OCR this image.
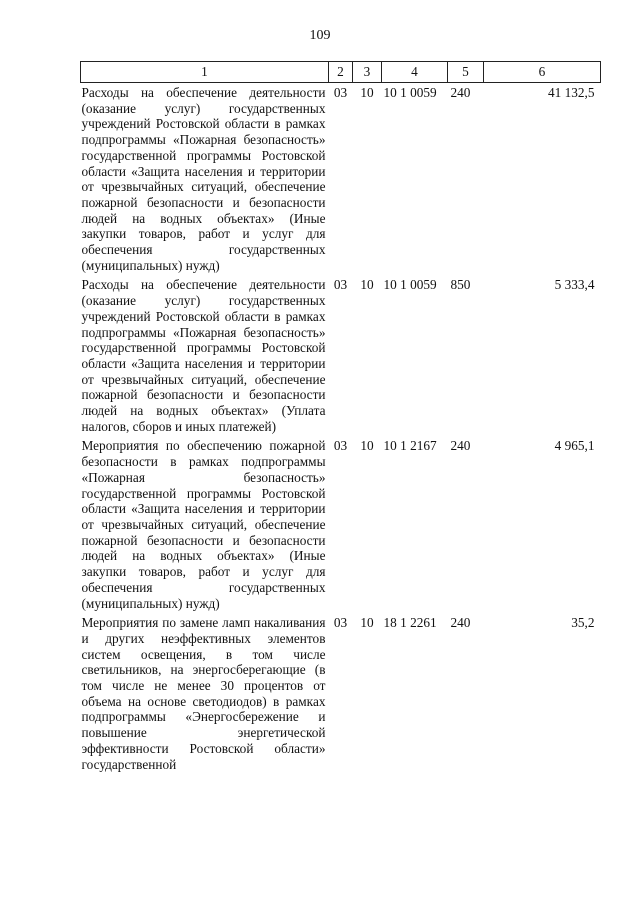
109
1	2	3	4	5	6
Расходы на обеспечение деятельности (оказание услуг) государственных учреждений Ростовской области в рамках подпрограммы «Пожарная безопасность» государственной программы Ростовской области «Защита населения и территории от чрезвычайных ситуаций, обеспечение пожарной безопасности и безопасности людей на водных объектах» (Иные закупки товаров, работ и услуг для обеспечения государственных (муниципальных) нужд)	03	10	10 1 0059	240	41 132,5
Расходы на обеспечение деятельности (оказание услуг) государственных учреждений Ростовской области в рамках подпрограммы «Пожарная безопасность» государственной программы Ростовской области «Защита населения и территории от чрезвычайных ситуаций, обеспечение пожарной безопасности и безопасности людей на водных объектах» (Уплата налогов, сборов и иных платежей)	03	10	10 1 0059	850	5 333,4
Мероприятия по обеспечению пожарной безопасности в рамках подпрограммы «Пожарная безопасность» государственной программы Ростовской области «Защита населения и территории от чрезвычайных ситуаций, обеспечение пожарной безопасности и безопасности людей на водных объектах» (Иные закупки товаров, работ и услуг для обеспечения государственных (муниципальных) нужд)	03	10	10 1 2167	240	4 965,1
Мероприятия по замене ламп накаливания и других неэффективных элементов систем освещения, в том числе светильников, на энергосберегающие (в том числе не менее 30 процентов от объема на основе светодиодов) в рамках подпрограммы «Энергосбережение и повышение энергетической эффективности Ростовской области» государственной	03	10	18 1 2261	240	35,2
